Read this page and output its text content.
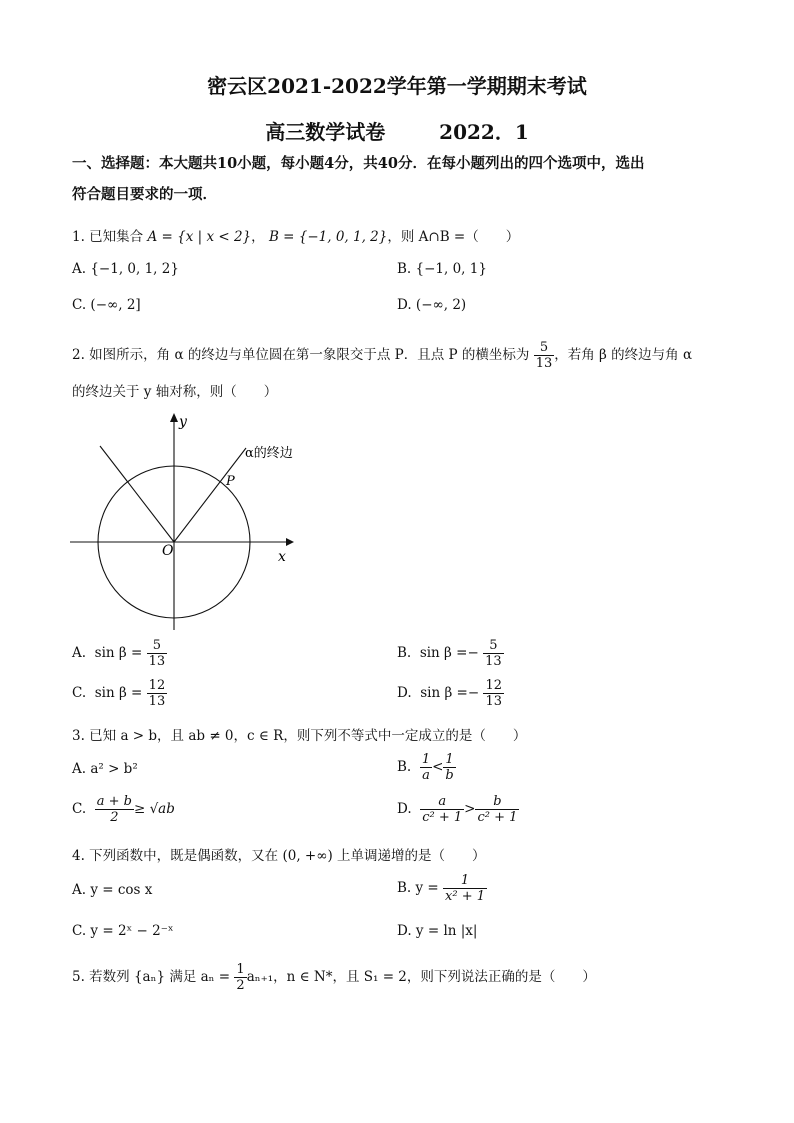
密云区2021-2022学年第一学期期末考试
高三数学试卷	2022．1
一、选择题：本大题共10小题，每小题4分，共40分．在每小题列出的四个选项中，选出
符合题目要求的一项．
1. 已知集合 A = {x | x < 2}， B = {−1, 0, 1, 2}，则 A∩B =（　　）
A. {−1, 0, 1, 2}	B. {−1, 0, 1}
C. (−∞, 2]	D. (−∞, 2)
2. 如图所示，角 α 的终边与单位圆在第一象限交于点 P．且点 P 的横坐标为 $\frac{5}{13}$ ，若角 β 的终边与角 α
的终边关于 y 轴对称，则（　　）
y
x
O
P
α的终边
A. $\sin \beta = \frac{5}{13}$	B. $\sin \beta =- \frac{5}{13}$
C. $\sin \beta = \frac{12}{13}$	D. $\sin \beta =- \frac{12}{13}$
3. 已知 a > b，且 ab ≠ 0，c ∈ R，则下列不等式中一定成立的是（　　）
A. a² > b²	B. $\frac{1}{a} < \frac{1}{b}$
C. $\frac{a + b}{2} \ge √ab$	D. $\frac{a}{\text{c² + 1}} > \frac{b}{\text{c² + 1}}$
4. 下列函数中，既是偶函数，又在 (0, +∞) 上单调递增的是（　　）
A. y = cos x	B. $y = \frac{1}{\text{x² + 1}}$
C. y = 2ˣ − 2⁻ˣ	D. y = ln |x|
5. 若数列 {aₙ} 满足 $a_n = \frac{1}{2} a_{n+1}$，n ∈ N*，且 S₁ = 2，则下列说法正确的是（　　）
